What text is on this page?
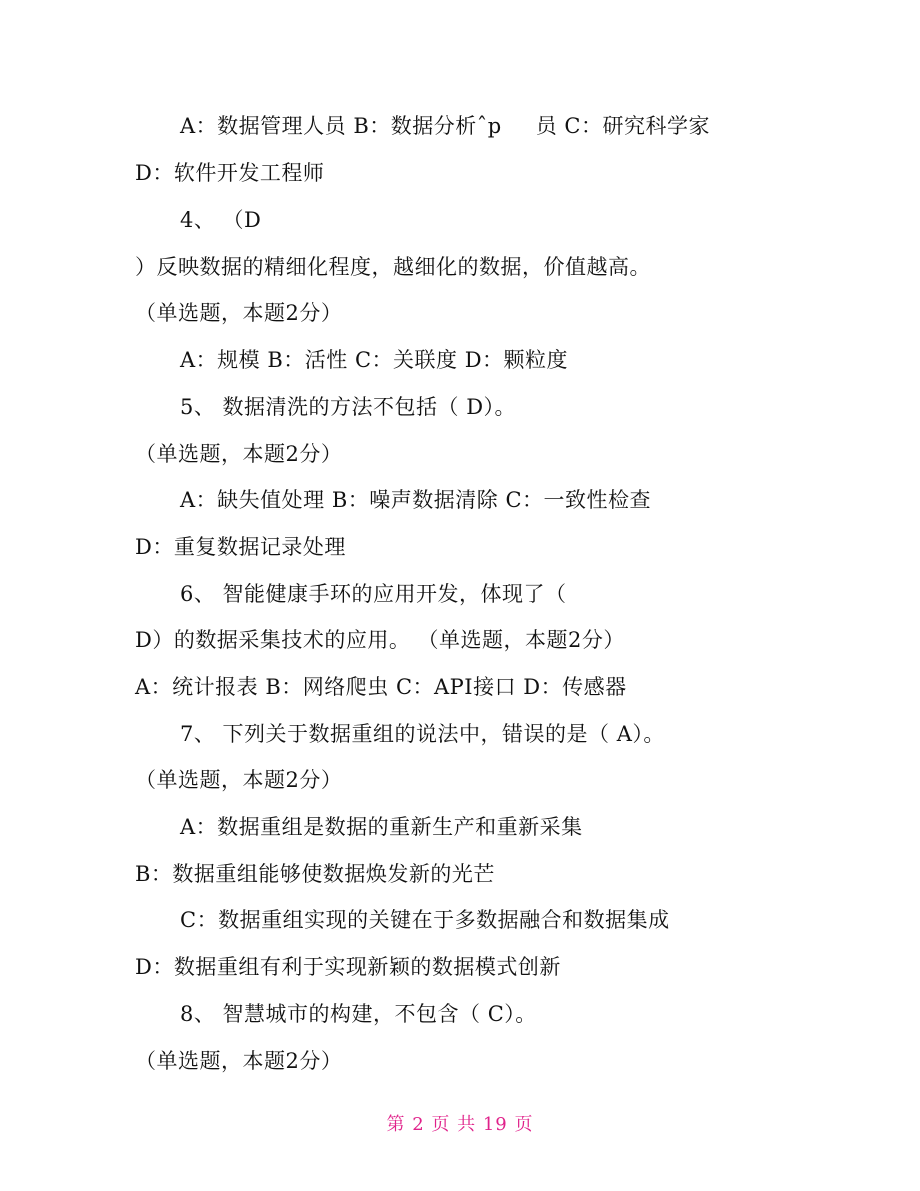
A：数据管理人员 B：数据分析ˆp 员 C：研究科学家
D：软件开发工程师
4、 （D
）反映数据的精细化程度，越细化的数据，价值越高。
（单选题，本题2分）
A：规模 B：活性 C：关联度 D：颗粒度
5、 数据清洗的方法不包括（ D）。
（单选题，本题2分）
A：缺失值处理 B：噪声数据清除 C：一致性检查
D：重复数据记录处理
6、 智能健康手环的应用开发，体现了（
D）的数据采集技术的应用。 （单选题，本题2分）
A：统计报表 B：网络爬虫 C：API接口 D：传感器
7、 下列关于数据重组的说法中，错误的是（ A）。
（单选题，本题2分）
A：数据重组是数据的重新生产和重新采集
B：数据重组能够使数据焕发新的光芒
C：数据重组实现的关键在于多数据融合和数据集成
D：数据重组有利于实现新颖的数据模式创新
8、 智慧城市的构建，不包含（ C）。
（单选题，本题2分）
第 2 页 共 19 页
